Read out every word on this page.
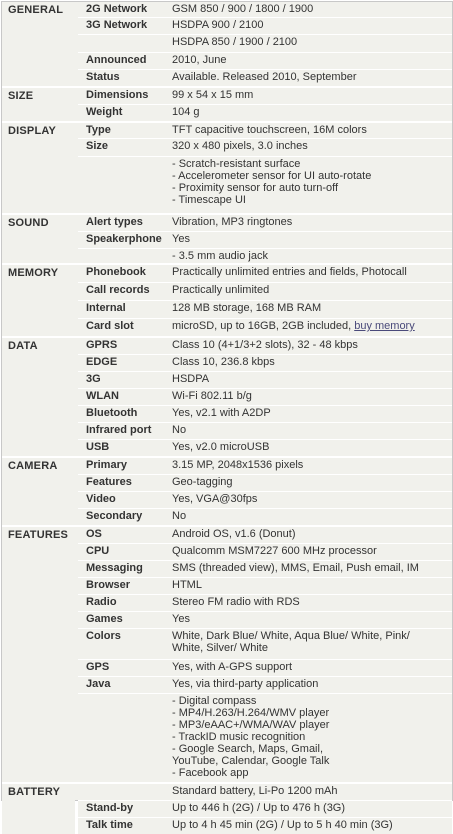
GENERAL	2G Network	GSM 850 / 900 / 1800 / 1900
3G Network	HSDPA 900 / 2100
HSDPA 850 / 1900 / 2100
Announced	2010, June
Status	Available. Released 2010, September
SIZE	Dimensions	99 x 54 x 15 mm
Weight	104 g
DISPLAY	Type	TFT capacitive touchscreen, 16M colors
Size	320 x 480 pixels, 3.0 inches
- Scratch-resistant surface
- Accelerometer sensor for UI auto-rotate
- Proximity sensor for auto turn-off
- Timescape UI
SOUND	Alert types	Vibration, MP3 ringtones
Speakerphone Yes
- 3.5 mm audio jack
MEMORY	Phonebook	Practically unlimited entries and fields, Photocall
Call records	Practically unlimited
Internal	128 MB storage, 168 MB RAM
Card slot	microSD, up to 16GB, 2GB included, buy memory
DATA	GPRS	Class 10 (4+1/3+2 slots), 32 - 48 kbps
EDGE	Class 10, 236.8 kbps
3G	HSDPA
WLAN	Wi-Fi 802.11 b/g
Bluetooth	Yes, v2.1 with A2DP
Infrared port	No
USB	Yes, v2.0 microUSB
CAMERA	Primary	3.15 MP, 2048x1536 pixels
Features	Geo-tagging
Video	Yes, VGA@30fps
Secondary	No
FEATURES	OS	Android OS, v1.6 (Donut)
CPU	Qualcomm MSM7227 600 MHz processor
Messaging	SMS (threaded view), MMS, Email, Push email, IM
Browser	HTML
Radio	Stereo FM radio with RDS
Games	Yes
Colors	White, Dark Blue/ White, Aqua Blue/ White, Pink/
White, Silver/ White
GPS	Yes, with A-GPS support
Java	Yes, via third-party application
- Digital compass
- MP4/H.263/H.264/WMV player
- MP3/eAAC+/WMA/WAV player
- TrackID music recognition
- Google Search, Maps, Gmail,
YouTube, Calendar, Google Talk
- Facebook app
BATTERY	Standard battery, Li-Po 1200 mAh
Stand-by	Up to 446 h (2G) / Up to 476 h (3G)
Talk time	Up to 4 h 45 min (2G) / Up to 5 h 40 min (3G)
